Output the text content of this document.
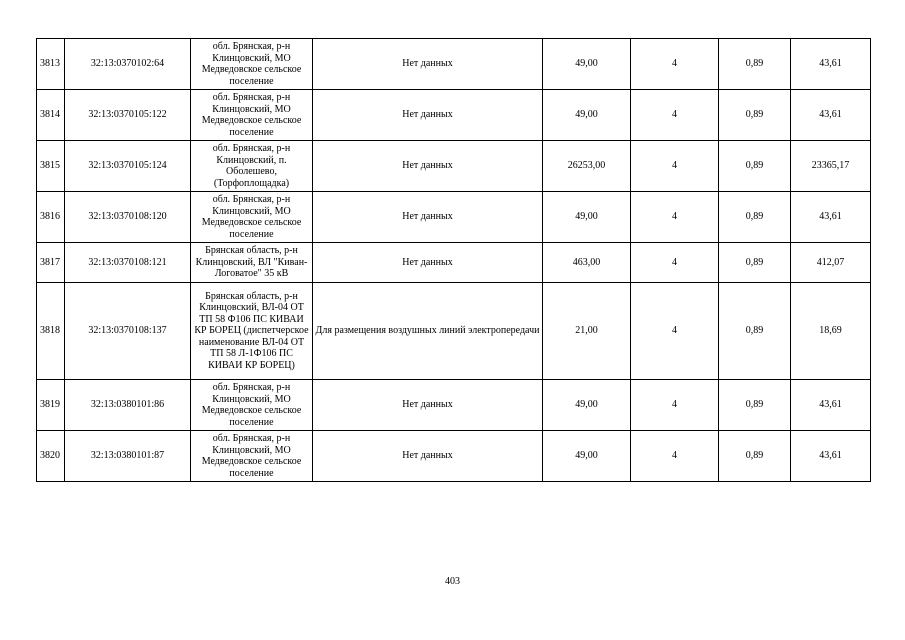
3813	32:13:0370102:64	обл. Брянская, р-н Клинцовский, МО Медведовское сельское поселение	Нет данных	49,00	4	0,89	43,61
3814	32:13:0370105:122	обл. Брянская, р-н Клинцовский, МО Медведовское сельское поселение	Нет данных	49,00	4	0,89	43,61
3815	32:13:0370105:124	обл. Брянская, р-н Клинцовский, п. Оболешево, (Торфоплощадка)	Нет данных	26253,00	4	0,89	23365,17
3816	32:13:0370108:120	обл. Брянская, р-н Клинцовский, МО Медведовское сельское поселение	Нет данных	49,00	4	0,89	43,61
3817	32:13:0370108:121	Брянская область, р-н Клинцовский, ВЛ "Киван-Логоватое" 35 кВ	Нет данных	463,00	4	0,89	412,07
3818	32:13:0370108:137	Брянская область, р-н Клинцовский, ВЛ-04 ОТ ТП 58 Ф106 ПС КИВАИ КР БОРЕЦ (диспетчерское наименование ВЛ-04 ОТ ТП 58 Л-1Ф106 ПС КИВАИ КР БОРЕЦ)	Для размещения воздушных линий электропередачи	21,00	4	0,89	18,69
3819	32:13:0380101:86	обл. Брянская, р-н Клинцовский, МО Медведовское сельское поселение	Нет данных	49,00	4	0,89	43,61
3820	32:13:0380101:87	обл. Брянская, р-н Клинцовский, МО Медведовское сельское поселение	Нет данных	49,00	4	0,89	43,61
403
